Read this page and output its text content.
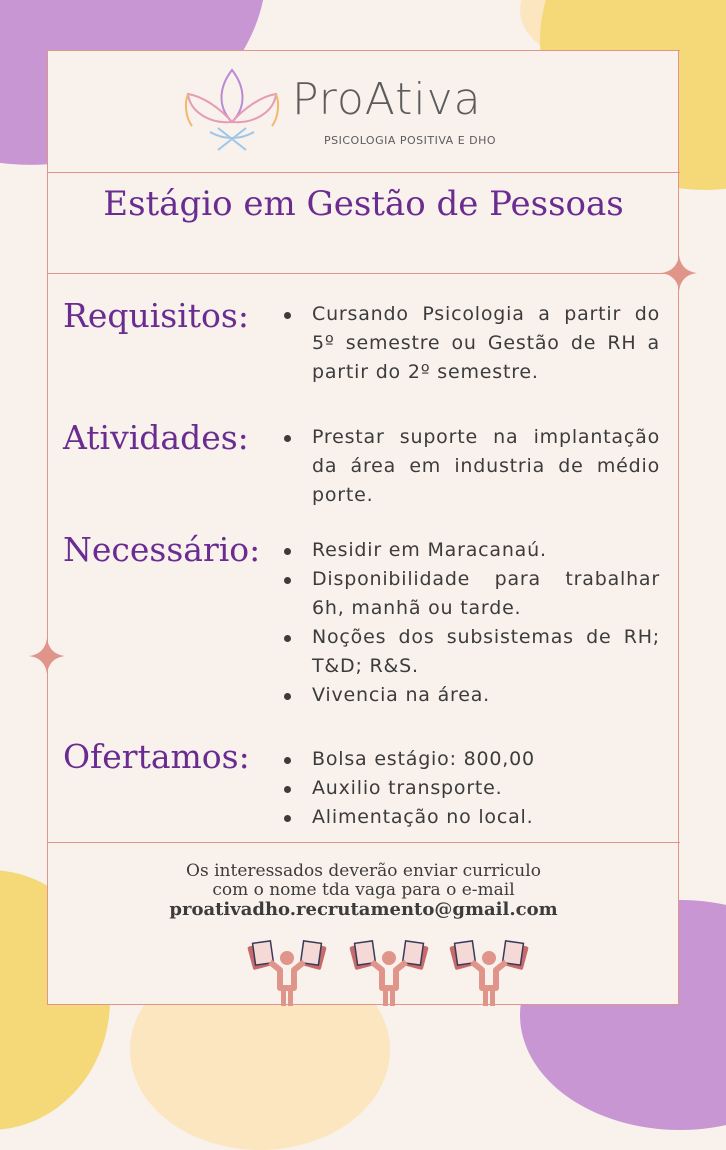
ProAtiva
PSICOLOGIA POSITIVA E DHO
Estágio em Gestão de Pessoas
Requisitos:	Cursando Psicologia a partir do 5º semestre ou Gestão de RH a partir do 2º semestre.
Atividades:	Prestar suporte na implantação da área em industria de médio porte.
Necessário:	Residir em Maracanaú.
Disponibilidade para trabalhar 6h, manhã ou tarde.
Noções dos subsistemas de RH; T&D; R&S.
Vivencia na área.
Ofertamos:	Bolsa estágio: 800,00
Auxilio transporte.
Alimentação no local.
Os interessados deverão enviar curriculo
com o nome tda vaga para o e-mail
proativadho.recrutamento@gmail.com
